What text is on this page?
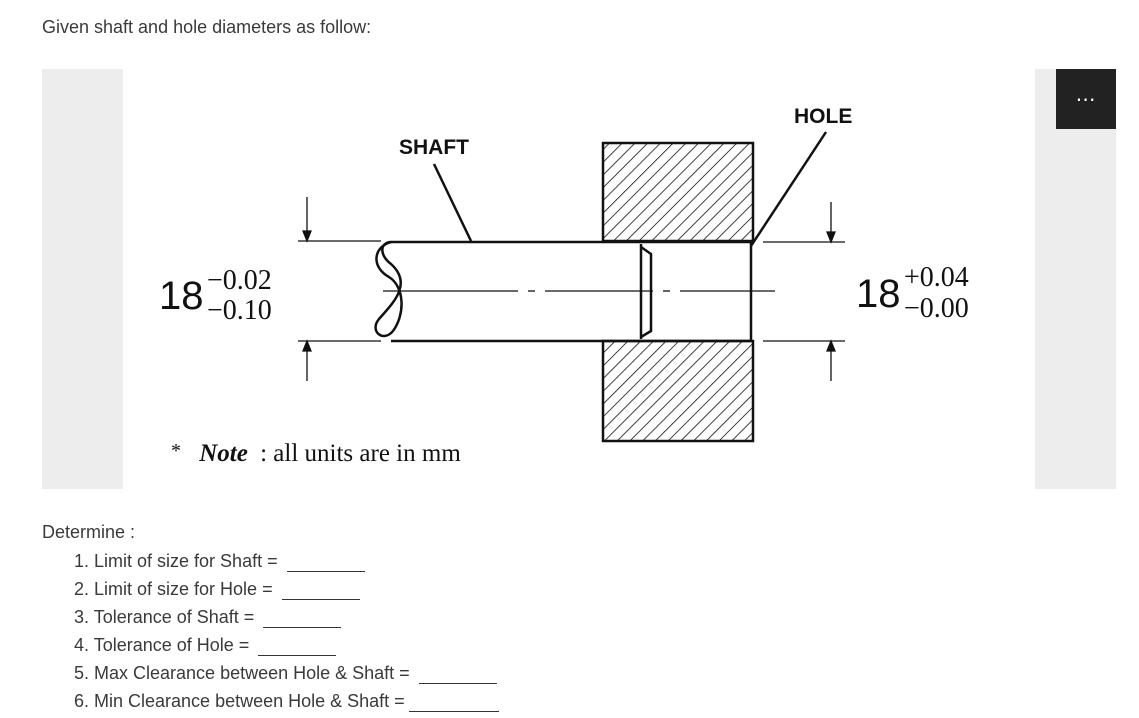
Given shaft and hole diameters as follow:
SHAFT
HOLE
18 −0.02
−0.10	18 +0.04
−0.00
* Note : all units are in mm
⋯
Determine :
1. Limit of size for Shaft =
2. Limit of size for Hole =
3. Tolerance of Shaft =
4. Tolerance of Hole =
5. Max Clearance between Hole & Shaft =
6. Min Clearance between Hole & Shaft =
